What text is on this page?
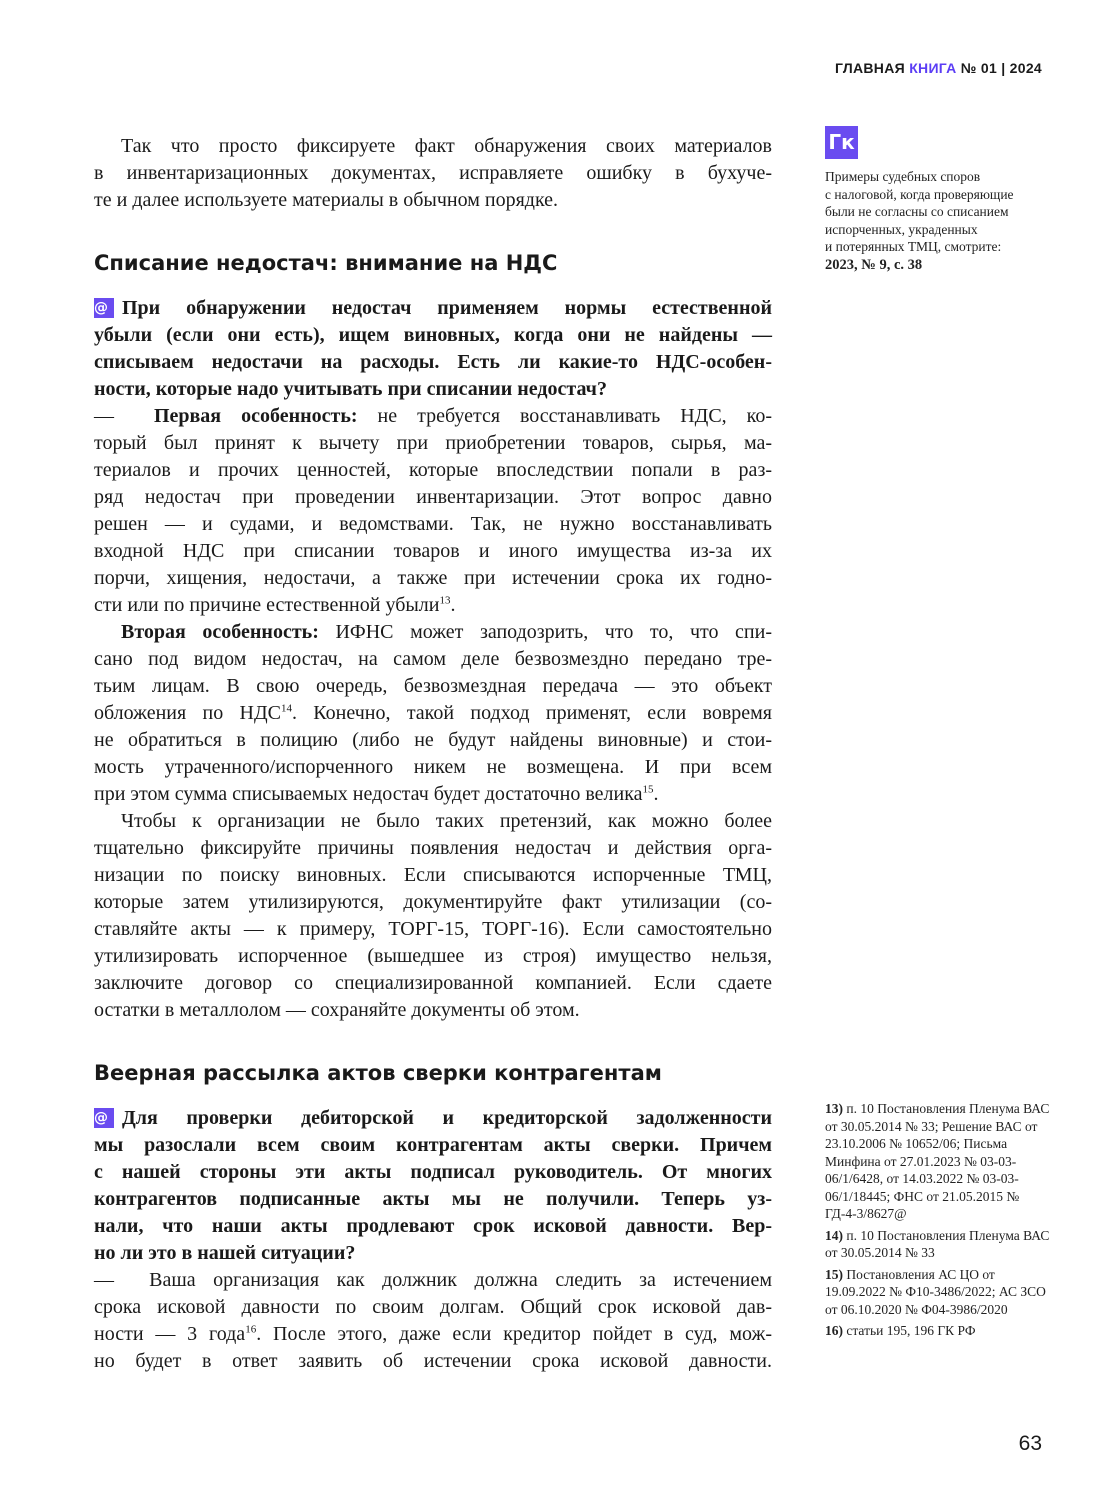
ГЛАВНАЯ КНИГА № 01 | 2024
Гк
Примеры судебных споров
с налоговой, когда проверяющие
были не согласны со списанием
испорченных, украденных
и потерянных ТМЦ, смотрите:
2023, № 9, с. 38
Так что просто фиксируете факт обнаружения своих материалов
в инвентаризационных документах, исправляете ошибку в бухуче-
те и далее используете материалы в обычном порядке.
Списание недостач: внимание на НДС
@ При обнаружении недостач применяем нормы естественной
убыли (если они есть), ищем виновных, когда они не найдены —
списываем недостачи на расходы. Есть ли какие-то НДС-особен-
ности, которые надо учитывать при списании недостач?
— Первая особенность: не требуется восстанавливать НДС, ко-
торый был принят к вычету при приобретении товаров, сырья, ма-
териалов и прочих ценностей, которые впоследствии попали в раз-
ряд недостач при проведении инвентаризации. Этот вопрос давно
решен — и судами, и ведомствами. Так, не нужно восстанавливать
входной НДС при списании товаров и иного имущества из-за их
порчи, хищения, недостачи, а также при истечении срока их годно-
сти или по причине естественной убыли$^{13}$.
Вторая особенность: ИФНС может заподозрить, что то, что спи-
сано под видом недостач, на самом деле безвозмездно передано тре-
тьим лицам. В свою очередь, безвозмездная передача — это объект
обложения по НДС$^{14}$. Конечно, такой подход применят, если вовремя
не обратиться в полицию (либо не будут найдены виновные) и стои-
мость утраченного/испорченного никем не возмещена. И при всем
при этом сумма списываемых недостач будет достаточно велика$^{15}$.
Чтобы к организации не было таких претензий, как можно более
тщательно фиксируйте причины появления недостач и действия орга-
низации по поиску виновных. Если списываются испорченные ТМЦ,
которые затем утилизируются, документируйте факт утилизации (со-
ставляйте акты — к примеру, ТОРГ-15, ТОРГ-16). Если самостоятельно
утилизировать испорченное (вышедшее из строя) имущество нельзя,
заключите договор со специализированной компанией. Если сдаете
остатки в металлолом — сохраняйте документы об этом.
Веерная рассылка актов сверки контрагентам
@ Для проверки дебиторской и кредиторской задолженности
мы разослали всем своим контрагентам акты сверки. Причем
с нашей стороны эти акты подписал руководитель. От многих
контрагентов подписанные акты мы не получили. Теперь уз-
нали, что наши акты продлевают срок исковой давности. Вер-
но ли это в нашей ситуации?
— Ваша организация как должник должна следить за истечением
срока исковой давности по своим долгам. Общий срок исковой дав-
ности — 3 года$^{16}$. После этого, даже если кредитор пойдет в суд, мож-
но будет в ответ заявить об истечении срока исковой давности.
13) п. 10 Постановления Пленума ВАС от 30.05.2014 № 33; Решение ВАС от 23.10.2006 № 10652/06; Письма Минфина от 27.01.2023 № 03-03-06/1/6428, от 14.03.2022 № 03-03-06/1/18445; ФНС от 21.05.2015 № ГД-4-3/8627@
14) п. 10 Постановления Пленума ВАС от 30.05.2014 № 33
15) Постановления АС ЦО от 19.09.2022 № Ф10-3486/2022; АС ЗСО от 06.10.2020 № Ф04-3986/2020
16) статьи 195, 196 ГК РФ
63
